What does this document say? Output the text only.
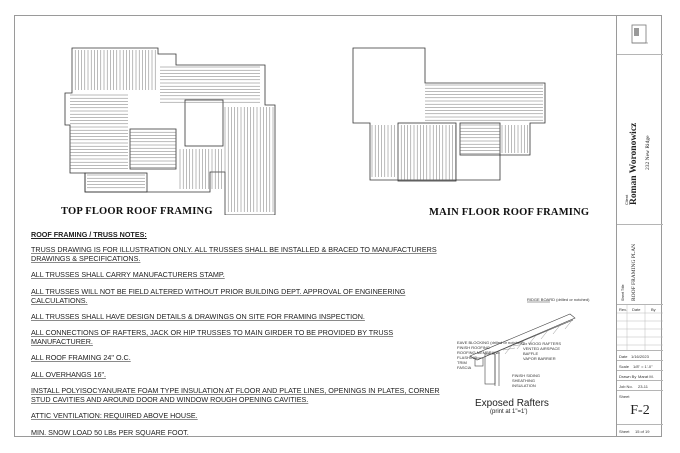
TOP FLOOR ROOF FRAMING	MAIN FLOOR ROOF FRAMING
ROOF FRAMING / TRUSS NOTES:
TRUSS DRAWING IS FOR ILLUSTRATION ONLY. ALL TRUSSES SHALL BE INSTALLED & BRACED TO MANUFACTURERS DRAWINGS & SPECIFICATIONS.
ALL TRUSSES SHALL CARRY MANUFACTURERS STAMP.
ALL TRUSSES WILL NOT BE FIELD ALTERED WITHOUT PRIOR BUILDING DEPT. APPROVAL OF ENGINEERING CALCULATIONS.
ALL TRUSSES SHALL HAVE DESIGN DETAILS & DRAWINGS ON SITE FOR FRAMING INSPECTION.
ALL CONNECTIONS OF RAFTERS, JACK OR HIP TRUSSES TO MAIN GIRDER TO BE PROVIDED BY TRUSS MANUFACTURER.
ALL ROOF FRAMING 24" O.C.
ALL OVERHANGS 16".
INSTALL POLYISOCYANURATE FOAM TYPE INSULATION AT FLOOR AND PLATE LINES, OPENINGS IN PLATES, CORNER STUD CAVITIES AND AROUND DOOR AND WINDOW ROUGH OPENING CAVITIES.
ATTIC VENTILATION: REQUIRED ABOVE HOUSE.
MIN. SNOW LOAD 50 LBs PER SQUARE FOOT.
RIDGE BOARD (drilled or notched)
EAVE BLOCKING (drilled or notched)
FINISH ROOFING
ROOFING MEMBRANE
FLASHING
TRIM
FASCIA
2x WOOD RAFTERS
VENTED AIRSPACE
BAFFLE
VAPOR BARRIER
FINISH SIDING
SHEATHING
INSULATION
Exposed Rafters
(print at 1"=1')
Client Roman Woronowicz 232 New Ridge
Sheet Title ROOF FRAMING PLAN
Rev. Date	By
Date 1/16/2023
Scale 1/8" = 1'-0"
Drawn By Marat M.
Job No. 23-11
Sheet
F-2
Sheet 15 of 19
